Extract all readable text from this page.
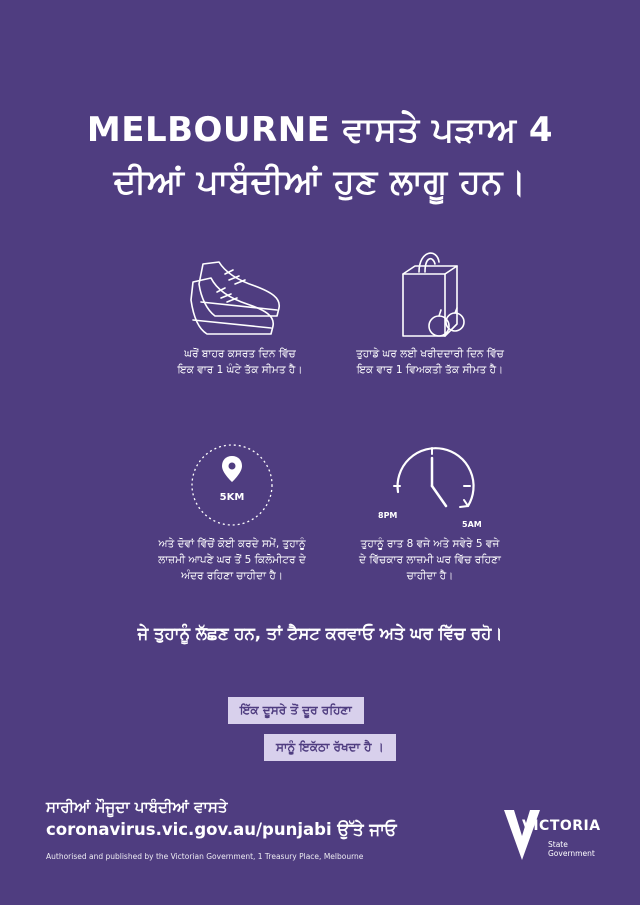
MELBOURNE ਵਾਸਤੇ ਪੜਾਅ 4
ਦੀਆਂ ਪਾਬੰਦੀਆਂ ਹੁਣ ਲਾਗੂ ਹਨ।
ਘਰੋਂ ਬਾਹਰ ਕਸਰਤ ਦਿਨ ਵਿੱਚ
ਇਕ ਵਾਰ 1 ਘੰਟੇ ਤੱਕ ਸੀਮਤ ਹੈ।
ਤੁਹਾਡੇ ਘਰ ਲਈ ਖਰੀਦਦਾਰੀ ਦਿਨ ਵਿੱਚ
ਇਕ ਵਾਰ 1 ਵਿਅਕਤੀ ਤੱਕ ਸੀਮਤ ਹੈ।
5KM
ਅਤੇ ਦੋਵਾਂ ਵਿੱਚੋਂ ਕੋਈ ਕਰਦੇ ਸਮੇਂ, ਤੁਹਾਨੂੰ
ਲਾਜ਼ਮੀ ਆਪਣੇ ਘਰ ਤੋਂ 5 ਕਿਲੋਮੀਟਰ ਦੇ
ਅੰਦਰ ਰਹਿਣਾ ਚਾਹੀਦਾ ਹੈ।
8PM
5AM
ਤੁਹਾਨੂੰ ਰਾਤ 8 ਵਜੇ ਅਤੇ ਸਵੇਰੇ 5 ਵਜੇ
ਦੇ ਵਿੱਚਕਾਰ ਲਾਜ਼ਮੀ ਘਰ ਵਿੱਚ ਰਹਿਣਾ
ਚਾਹੀਦਾ ਹੈ।
ਜੇ ਤੁਹਾਨੂੰ ਲੱਛਣ ਹਨ, ਤਾਂ ਟੈਸਟ ਕਰਵਾਓ ਅਤੇ ਘਰ ਵਿੱਚ ਰਹੋ।
ਇੱਕ ਦੂਸਰੇ ਤੋਂ ਦੂਰ ਰਹਿਣਾ
ਸਾਨੂੰ ਇਕੱਠਾ ਰੱਖਦਾ ਹੈ ।
ਸਾਰੀਆਂ ਮੌਜੂਦਾ ਪਾਬੰਦੀਆਂ ਵਾਸਤੇ
coronavirus.vic.gov.au/punjabi ਉੱਤੇ ਜਾਓ
Authorised and published by the Victorian Government, 1 Treasury Place, Melbourne
VICTORIA
State
Government
